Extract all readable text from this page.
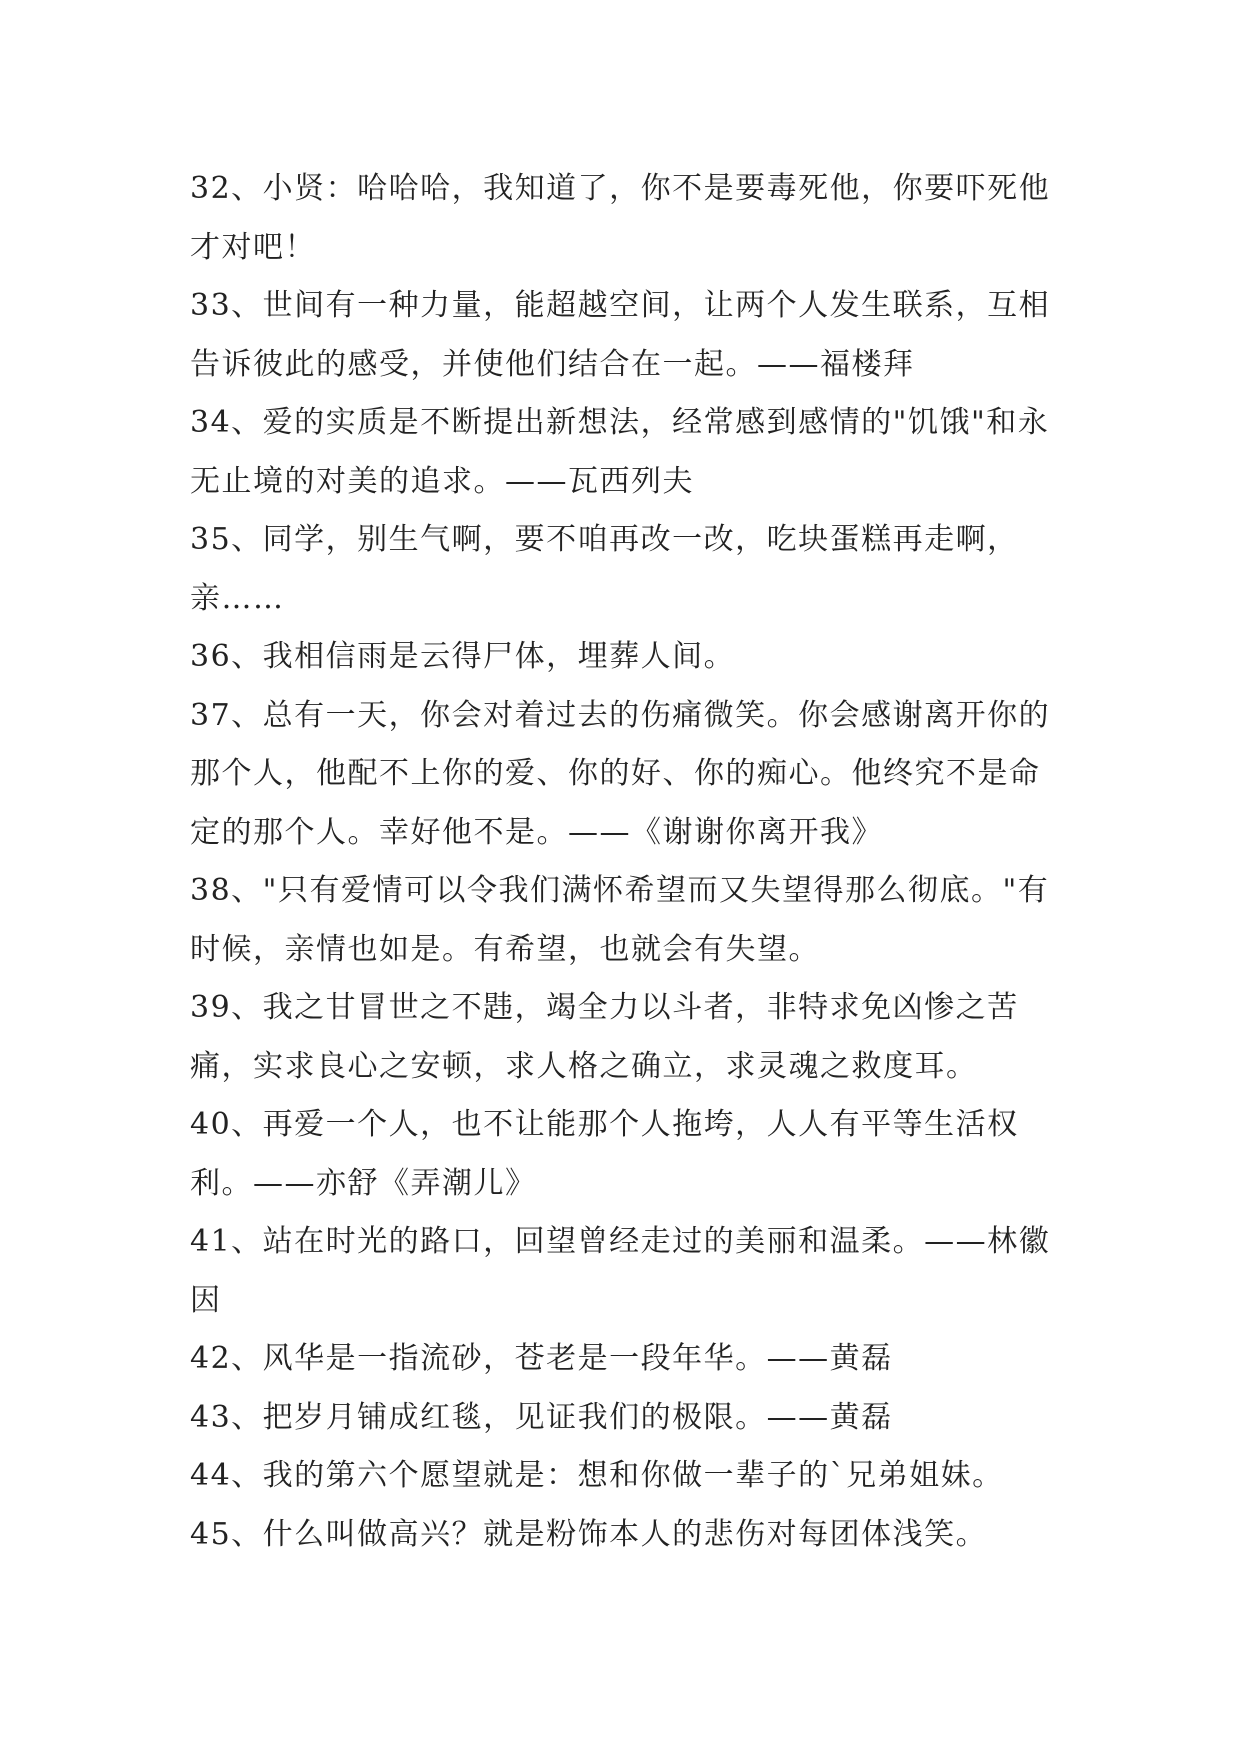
32、小贤：哈哈哈，我知道了，你不是要毒死他，你要吓死他才对吧！

33、世间有一种力量，能超越空间，让两个人发生联系，互相告诉彼此的感受，并使他们结合在一起。——福楼拜

34、爱的实质是不断提出新想法，经常感到感情的"饥饿"和永无止境的对美的追求。——瓦西列夫

35、同学，别生气啊，要不咱再改一改，吃块蛋糕再走啊，亲……

36、我相信雨是云得尸体，埋葬人间。

37、总有一天，你会对着过去的伤痛微笑。你会感谢离开你的那个人，他配不上你的爱、你的好、你的痴心。他终究不是命定的那个人。幸好他不是。——《谢谢你离开我》

38、"只有爱情可以令我们满怀希望而又失望得那么彻底。"有时候，亲情也如是。有希望，也就会有失望。

39、我之甘冒世之不韪，竭全力以斗者，非特求免凶惨之苦痛，实求良心之安顿，求人格之确立，求灵魂之救度耳。

40、再爱一个人，也不让能那个人拖垮，人人有平等生活权利。——亦舒《弄潮儿》

41、站在时光的路口，回望曾经走过的美丽和温柔。——林徽因

42、风华是一指流砂，苍老是一段年华。——黄磊

43、把岁月铺成红毯，见证我们的极限。——黄磊

44、我的第六个愿望就是：想和你做一辈子的`兄弟姐妹。

45、什么叫做高兴？就是粉饰本人的悲伤对每团体浅笑。
